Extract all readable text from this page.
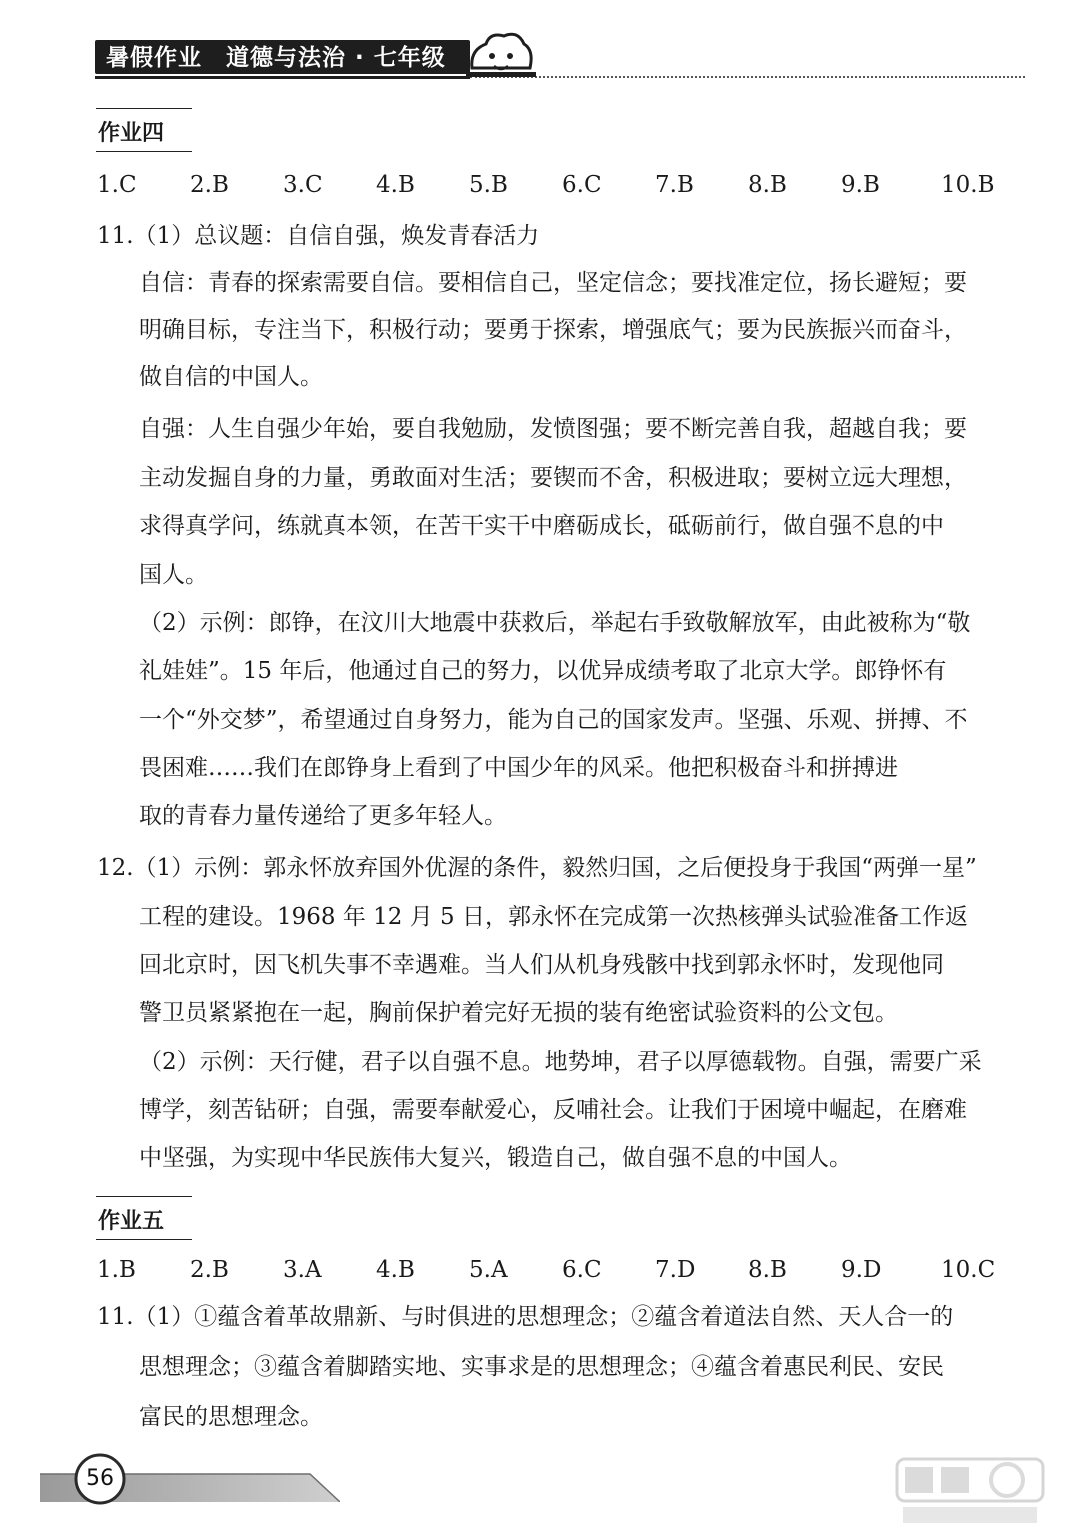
暑假作业　道德与法治 · 七年级
作业四
1.C 2.B 3.C 4.B 5.B 6.C 7.B 8.B 9.B	10.B
11.（1）总议题：自信自强，焕发青春活力
自信：青春的探索需要自信。要相信自己，坚定信念；要找准定位，扬长避短；要
明确目标，专注当下，积极行动；要勇于探索，增强底气；要为民族振兴而奋斗，
做自信的中国人。
自强：人生自强少年始，要自我勉励，发愤图强；要不断完善自我，超越自我；要
主动发掘自身的力量，勇敢面对生活；要锲而不舍，积极进取；要树立远大理想，
求得真学问，练就真本领，在苦干实干中磨砺成长，砥砺前行，做自强不息的中
国人。
（2）示例：郎铮，在汶川大地震中获救后，举起右手致敬解放军，由此被称为“敬
礼娃娃”。15 年后，他通过自己的努力，以优异成绩考取了北京大学。郎铮怀有
一个“外交梦”，希望通过自身努力，能为自己的国家发声。坚强、乐观、拼搏、不
畏困难……我们在郎铮身上看到了中国少年的风采。他把积极奋斗和拼搏进
取的青春力量传递给了更多年轻人。
12.（1）示例：郭永怀放弃国外优渥的条件，毅然归国，之后便投身于我国“两弹一星”
工程的建设。1968 年 12 月 5 日，郭永怀在完成第一次热核弹头试验准备工作返
回北京时，因飞机失事不幸遇难。当人们从机身残骸中找到郭永怀时，发现他同
警卫员紧紧抱在一起，胸前保护着完好无损的装有绝密试验资料的公文包。
（2）示例：天行健，君子以自强不息。地势坤，君子以厚德载物。自强，需要广采
博学，刻苦钻研；自强，需要奉献爱心，反哺社会。让我们于困境中崛起，在磨难
中坚强，为实现中华民族伟大复兴，锻造自己，做自强不息的中国人。
作业五
1.B 2.B 3.A 4.B 5.A 6.C 7.D 8.B 9.D	10.C
11.（1）①蕴含着革故鼎新、与时俱进的思想理念；②蕴含着道法自然、天人合一的
思想理念；③蕴含着脚踏实地、实事求是的思想理念；④蕴含着惠民利民、安民
富民的思想理念。
56
